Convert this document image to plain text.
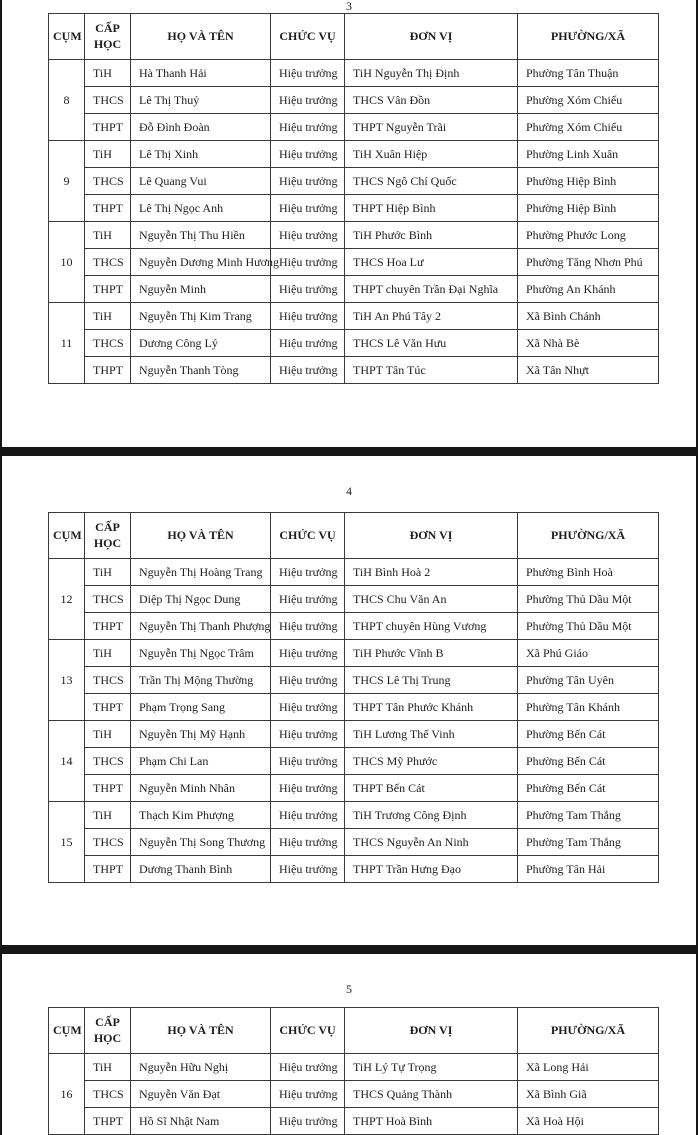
3
CỤM	CẤP HỌC	HỌ VÀ TÊN	CHỨC VỤ	ĐƠN VỊ	PHƯỜNG/XÃ
8	TiH	Hà Thanh Hải	Hiệu trưởng	TiH Nguyễn Thị Định	Phường Tân Thuận
	THCS	Lê Thị Thuỷ	Hiệu trưởng	THCS Vân Đồn	Phường Xóm Chiếu
	THPT	Đỗ Đình Đoàn	Hiệu trưởng	THPT Nguyễn Trãi	Phường Xóm Chiếu
9	TiH	Lê Thị Xinh	Hiệu trưởng	TiH Xuân Hiệp	Phường Linh Xuân
	THCS	Lê Quang Vui	Hiệu trưởng	THCS Ngô Chí Quốc	Phường Hiệp Bình
	THPT	Lê Thị Ngọc Anh	Hiệu trưởng	THPT Hiệp Bình	Phường Hiệp Bình
10	TiH	Nguyễn Thị Thu Hiền	Hiệu trưởng	TiH Phước Bình	Phường Phước Long
	THCS	Nguyễn Dương Minh Hương	Hiệu trưởng	THCS Hoa Lư	Phường Tăng Nhơn Phú
	THPT	Nguyễn Minh	Hiệu trưởng	THPT chuyên Trần Đại Nghĩa	Phường An Khánh
11	TiH	Nguyễn Thị Kim Trang	Hiệu trưởng	TiH An Phú Tây 2	Xã Bình Chánh
	THCS	Dương Công Lý	Hiệu trưởng	THCS Lê Văn Hưu	Xã Nhà Bè
	THPT	Nguyễn Thanh Tòng	Hiệu trưởng	THPT Tân Túc	Xã Tân Nhựt
4
CỤM	CẤP HỌC	HỌ VÀ TÊN	CHỨC VỤ	ĐƠN VỊ	PHƯỜNG/XÃ
12	TiH	Nguyễn Thị Hoàng Trang	Hiệu trưởng	TiH Bình Hoà 2	Phường Bình Hoà
	THCS	Diệp Thị Ngọc Dung	Hiệu trưởng	THCS Chu Văn An	Phường Thủ Dầu Một
	THPT	Nguyễn Thị Thanh Phượng	Hiệu trưởng	THPT chuyên Hùng Vương	Phường Thủ Dầu Một
13	TiH	Nguyễn Thị Ngọc Trâm	Hiệu trưởng	TiH Phước Vĩnh B	Xã Phú Giáo
	THCS	Trần Thị Mộng Thường	Hiệu trưởng	THCS Lê Thị Trung	Phường Tân Uyên
	THPT	Phạm Trọng Sang	Hiệu trưởng	THPT Tân Phước Khánh	Phường Tân Khánh
14	TiH	Nguyễn Thị Mỹ Hạnh	Hiệu trưởng	TiH Lương Thế Vinh	Phường Bến Cát
	THCS	Phạm Chi Lan	Hiệu trưởng	THCS Mỹ Phước	Phường Bến Cát
	THPT	Nguyễn Minh Nhân	Hiệu trưởng	THPT Bến Cát	Phường Bến Cát
15	TiH	Thạch Kim Phượng	Hiệu trưởng	TiH Trương Công Định	Phường Tam Thắng
	THCS	Nguyễn Thị Song Thương	Hiệu trưởng	THCS Nguyễn An Ninh	Phường Tam Thắng
	THPT	Dương Thanh Bình	Hiệu trưởng	THPT Trần Hưng Đạo	Phường Tân Hải
5
CỤM	CẤP HỌC	HỌ VÀ TÊN	CHỨC VỤ	ĐƠN VỊ	PHƯỜNG/XÃ
16	TiH	Nguyễn Hữu Nghị	Hiệu trưởng	TiH Lý Tự Trọng	Xã Long Hải
	THCS	Nguyễn Văn Đạt	Hiệu trưởng	THCS Quảng Thành	Xã Bình Giã
	THPT	Hồ Sĩ Nhật Nam	Hiệu trưởng	THPT Hoà Bình	Xã Hoà Hội
